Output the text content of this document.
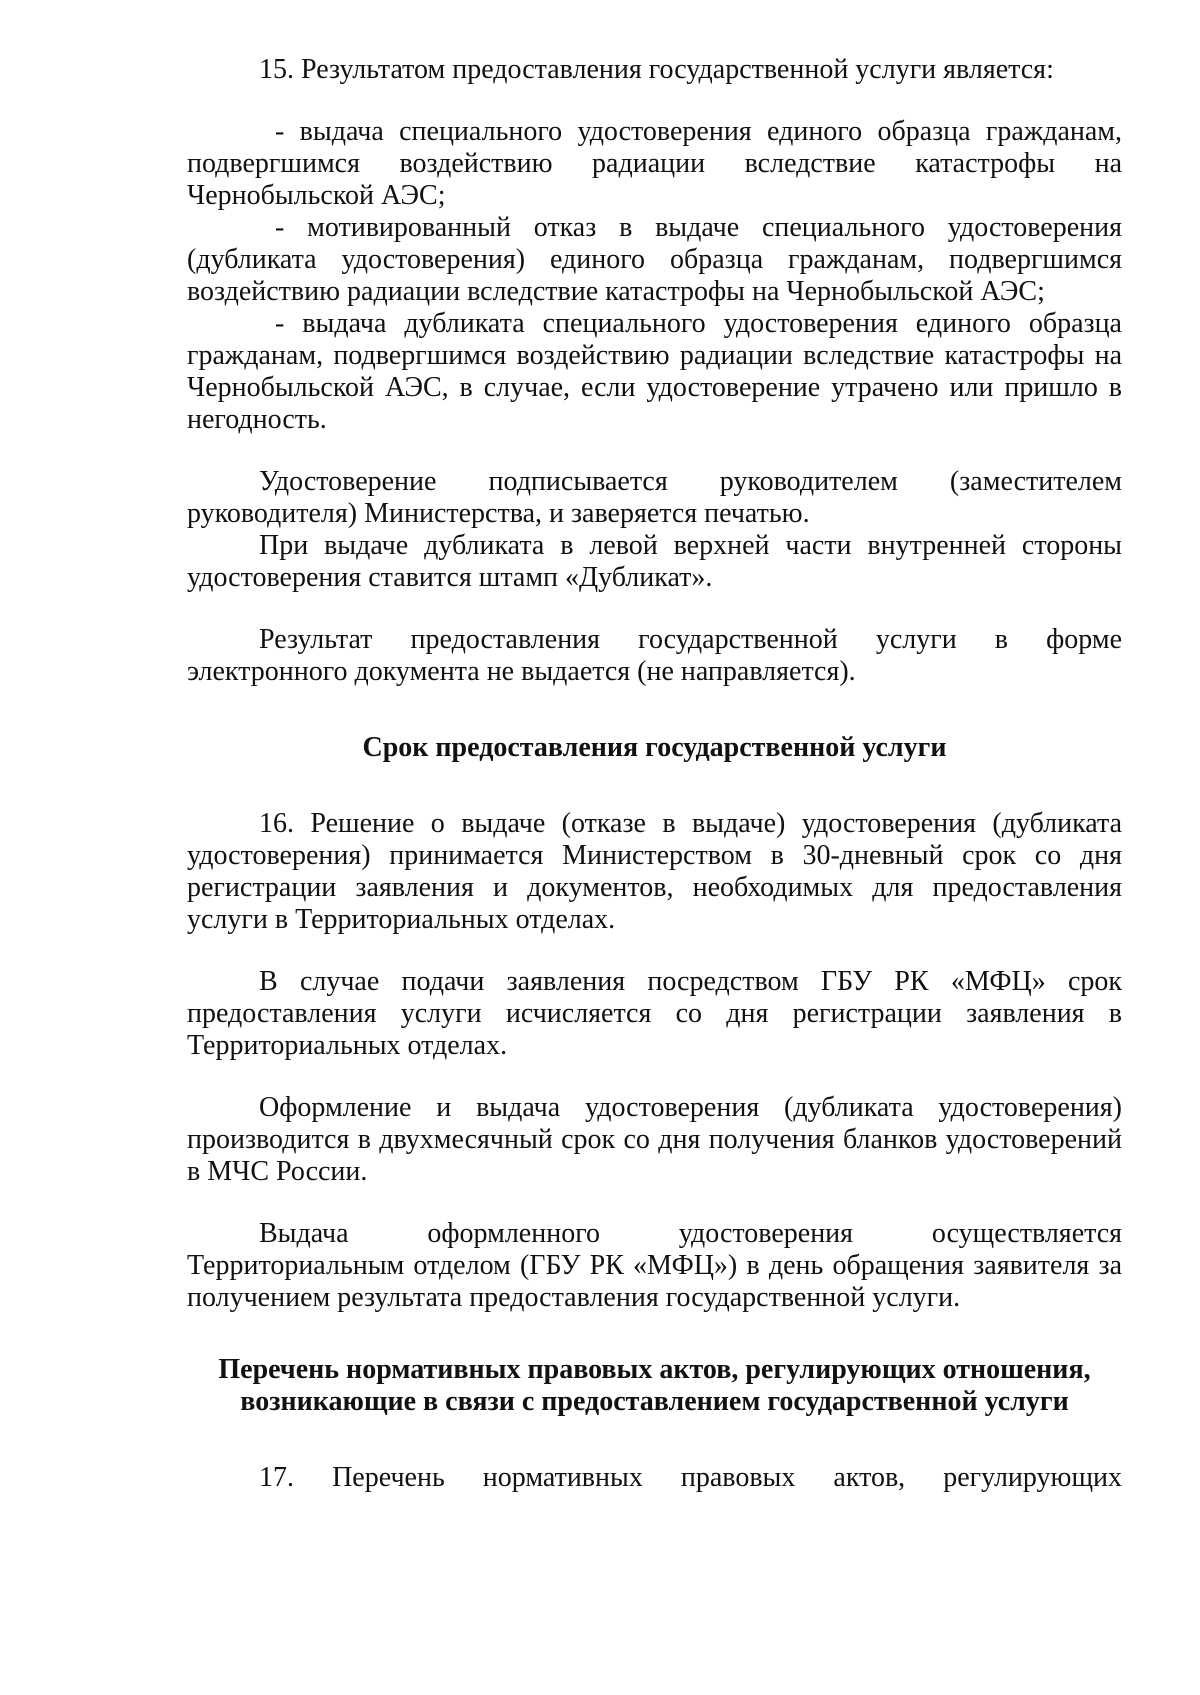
15. Результатом предоставления государственной услуги является:

- выдача специального удостоверения единого образца гражданам, подвергшимся воздействию радиации вследствие катастрофы на Чернобыльской АЭС;

- мотивированный отказ в выдаче специального удостоверения (дубликата удостоверения) единого образца гражданам, подвергшимся воздействию радиации вследствие катастрофы на Чернобыльской АЭС;

- выдача дубликата специального удостоверения единого образца гражданам, подвергшимся воздействию радиации вследствие катастрофы на Чернобыльской АЭС, в случае, если удостоверение утрачено или пришло в негодность.

Удостоверение подписывается руководителем (заместителем руководителя) Министерства, и заверяется печатью.

При выдаче дубликата в левой верхней части внутренней стороны удостоверения ставится штамп «Дубликат».

Результат предоставления государственной услуги в форме электронного документа не выдается (не направляется).

Срок предоставления государственной услуги

16. Решение о выдаче (отказе в выдаче) удостоверения (дубликата удостоверения) принимается Министерством в 30-дневный срок со дня регистрации заявления и документов, необходимых для предоставления услуги в Территориальных отделах.

В случае подачи заявления посредством ГБУ РК «МФЦ» срок предоставления услуги исчисляется со дня регистрации заявления в Территориальных отделах.

Оформление и выдача удостоверения (дубликата удостоверения) производится в двухмесячный срок со дня получения бланков удостоверений в МЧС России.

Выдача оформленного удостоверения осуществляется Территориальным отделом (ГБУ РК «МФЦ») в день обращения заявителя за получением результата предоставления государственной услуги.

Перечень нормативных правовых актов, регулирующих отношения,

возникающие в связи с предоставлением государственной услуги

17. Перечень нормативных правовых актов, регулирующих
